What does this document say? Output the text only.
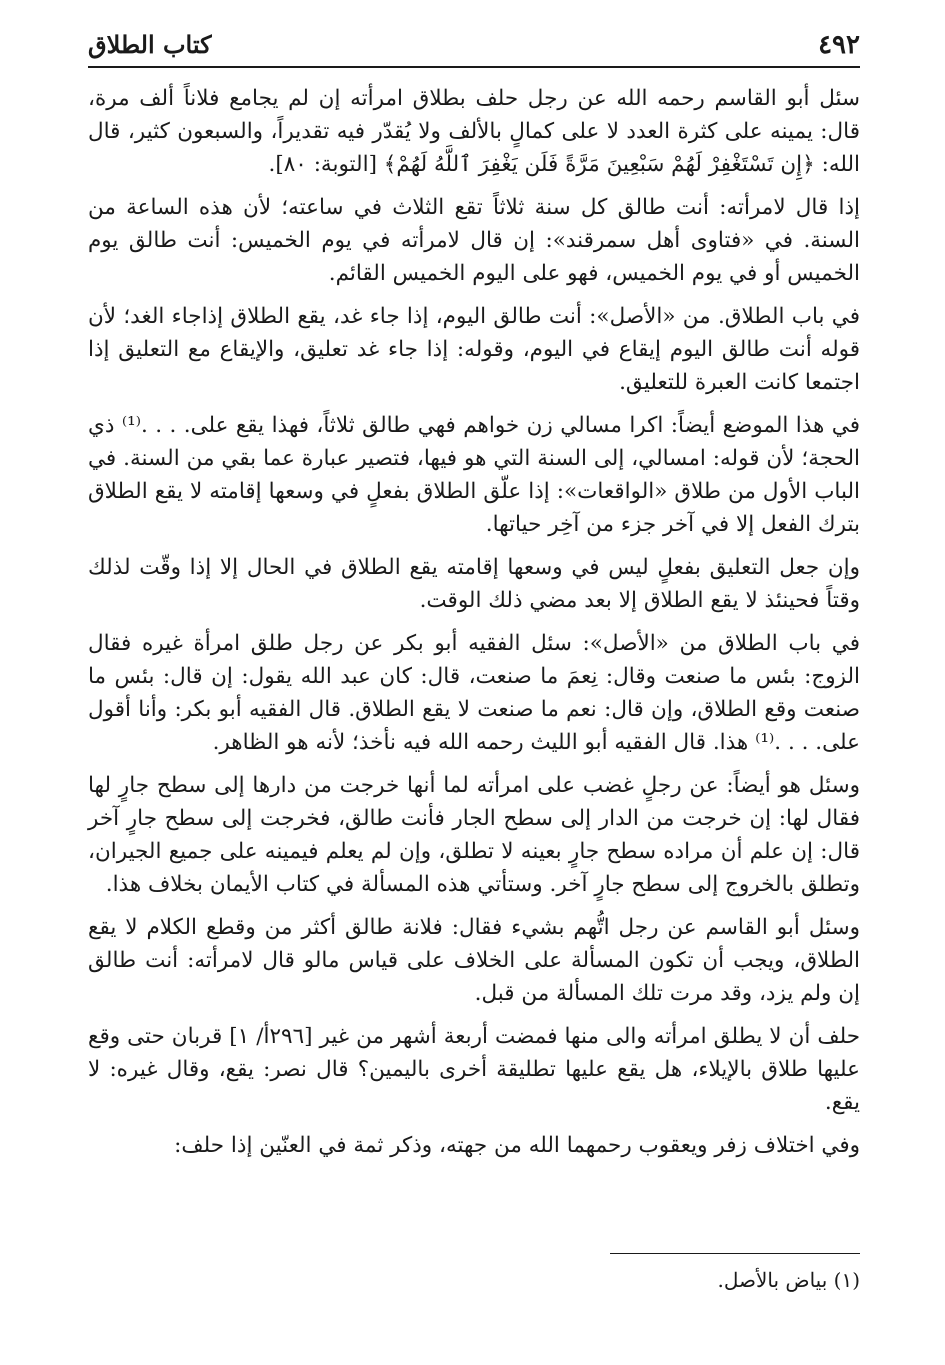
٤٩٢
كتاب الطلاق

سئل أبو القاسم رحمه الله عن رجل حلف بطلاق امرأته إن لم يجامع فلاناً ألف مرة، قال: يمينه على كثرة العدد لا على كمالٍ بالألف ولا يُقدّر فيه تقديراً، والسبعون كثير، قال الله: ﴿إِن تَسْتَغْفِرْ لَهُمْ سَبْعِينَ مَرَّةً فَلَن يَغْفِرَ ٱللَّهُ لَهُمْ﴾ [التوبة: ٨٠].

إذا قال لامرأته: أنت طالق كل سنة ثلاثاً تقع الثلاث في ساعته؛ لأن هذه الساعة من السنة. في «فتاوى أهل سمرقند»: إن قال لامرأته في يوم الخميس: أنت طالق يوم الخميس أو في يوم الخميس، فهو على اليوم الخميس القائم.

في باب الطلاق. من «الأصل»: أنت طالق اليوم، إذا جاء غد، يقع الطلاق إذاجاء الغد؛ لأن قوله أنت طالق اليوم إيقاع في اليوم، وقوله: إذا جاء غد تعليق، والإيقاع مع التعليق إذا اجتمعا كانت العبرة للتعليق.

في هذا الموضع أيضاً: اكرا مسالي زن خواهم فهي طالق ثلاثاً، فهذا يقع على. . . .⁽¹⁾ ذي الحجة؛ لأن قوله: امسالي، إلى السنة التي هو فيها، فتصير عبارة عما بقي من السنة. في الباب الأول من طلاق «الواقعات»: إذا علّق الطلاق بفعلٍ في وسعها إقامته لا يقع الطلاق بترك الفعل إلا في آخر جزء من آخِر حياتها.

وإن جعل التعليق بفعلٍ ليس في وسعها إقامته يقع الطلاق في الحال إلا إذا وقّت لذلك وقتاً فحينئذ لا يقع الطلاق إلا بعد مضي ذلك الوقت.

في باب الطلاق من «الأصل»: سئل الفقيه أبو بكر عن رجل طلق امرأة غيره فقال الزوج: بئس ما صنعت وقال: نِعمَ ما صنعت، قال: كان عبد الله يقول: إن قال: بئس ما صنعت وقع الطلاق، وإن قال: نعم ما صنعت لا يقع الطلاق. قال الفقيه أبو بكر: وأنا أقول على. . . .⁽¹⁾ هذا. قال الفقيه أبو الليث رحمه الله فيه نأخذ؛ لأنه هو الظاهر.

وسئل هو أيضاً: عن رجلٍ غضب على امرأته لما أنها خرجت من دارها إلى سطح جارٍ لها فقال لها: إن خرجت من الدار إلى سطح الجار فأنت طالق، فخرجت إلى سطح جارٍ آخر قال: إن علم أن مراده سطح جارٍ بعينه لا تطلق، وإن لم يعلم فيمينه على جميع الجيران، وتطلق بالخروج إلى سطح جارٍ آخر. وستأتي هذه المسألة في كتاب الأيمان بخلاف هذا.

وسئل أبو القاسم عن رجل اتُّهم بشيء فقال: فلانة طالق أكثر من وقطع الكلام لا يقع الطلاق، ويجب أن تكون المسألة على الخلاف على قياس مالو قال لامرأته: أنت طالق إن ولم يزد، وقد مرت تلك المسألة من قبل.

حلف أن لا يطلق امرأته والى منها فمضت أربعة أشهر من غير [٢٩٦أ/ ١] قربان حتى وقع عليها طلاق بالإيلاء، هل يقع عليها تطليقة أخرى باليمين؟ قال نصر: يقع، وقال غيره: لا يقع.

وفي اختلاف زفر ويعقوب رحمهما الله من جهته، وذكر ثمة في العنّين إذا حلف:

(١) بياض بالأصل.
